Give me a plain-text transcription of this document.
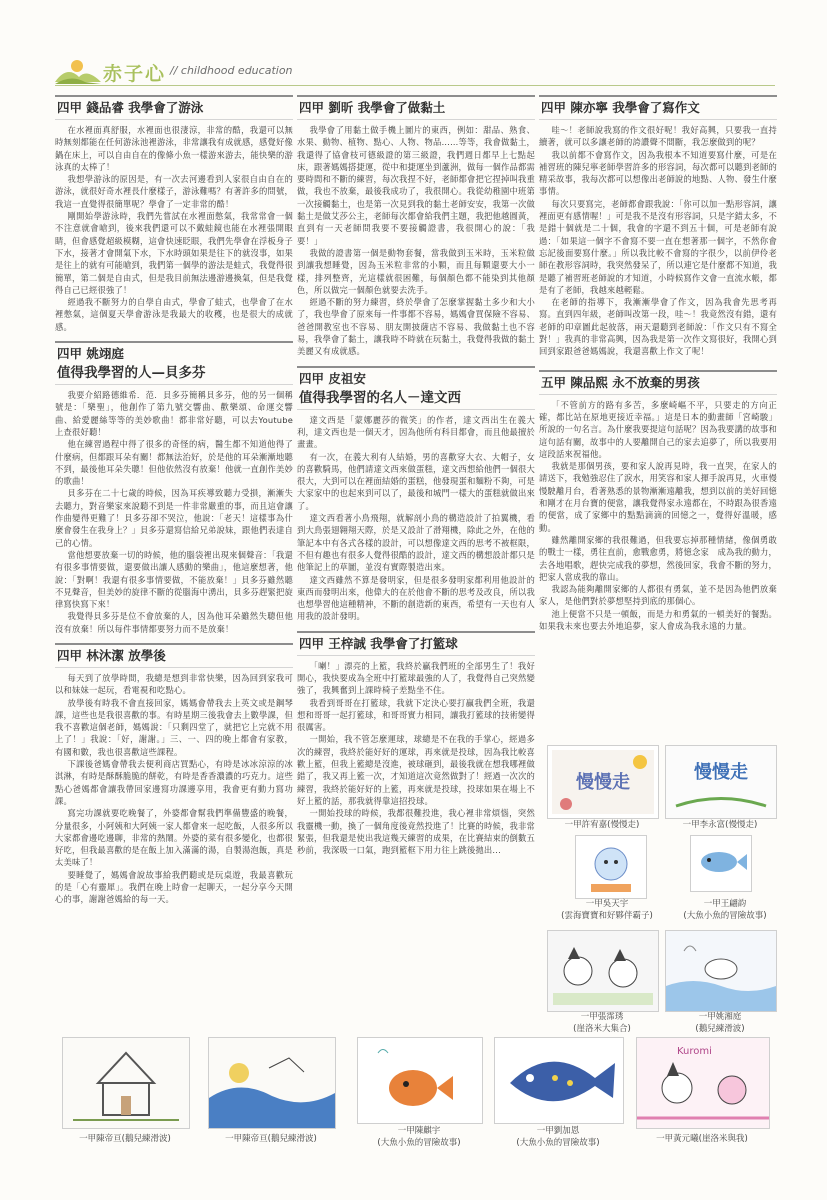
赤子心 // childhood education
四甲 錢品睿 我學會了游泳

在水裡面真舒服，水裡面也很淒涼，非常的酷，我還可以無時無刻都能在任何游泳池裡游泳，非常讓我有成就感，感覺好像鍋在床上，可以自由自在的像條小魚一樣游來游去，能快樂的游泳真的太棒了！

我想學游泳的原因是，有一次去河邊看到人家很自由自在的游泳，就很好奇水裡長什麼樣子，游泳難嗎？有著許多的問號，我這一直覺得很簡單呢？學會了一定非常的酷！

剛開始學游泳時，我們先嘗試在水裡面憋氣，我常常會一個不注意就會嗆到，後來我們還可以不戴蛙鏡也能在水裡張開眼睛，但會感覺超級模糊，這會快速眨眼，我們先學會在浮板身子下水，接著才會開氣下水，下水時頭如果是往下的就沒事，如果是往上的就有可能嗆到，我們第一個學的游法是蛙式，我覺得很簡單，第二個是自由式，但是我目前無法邊游邊換氣，但是我覺得自己已經很強了！

經過我不斷努力的自學自由式，學會了蛙式，也學會了在水裡憋氣，這個夏天學會游泳是我最大的收穫，也是很大的成就感。

四甲 姚翊庭
值得我學習的人—貝多芬

我要介紹路德維希．范．貝多芬簡稱貝多芬，他的另一個稱號是：「樂聖」，他創作了第九號交響曲、歡樂頌、命運交響曲、給愛麗絲等等的美妙歌曲！都非常好聽，可以去Youtube上查很好聽！

他在練習過程中得了很多的奇怪的病，醫生都不知道他得了什麼病，但都跟耳朵有關！都無法治好，於是他的耳朵漸漸地聽不到，最後他耳朵失聰！但他依然沒有放棄！他就一直創作美妙的歌曲！

貝多芬在二十七歲的時候，因為耳疾導致聽力受損，漸漸失去聽力，對音樂家來說聽不到是一件非常嚴重的事，而且這會讓作曲變得更難了！貝多芬卻不哭泣，他說：「老天！這樣事為什麼會發生在我身上？」貝多芬還寫信給兄弟說妹，跟他們表達自己的心情。

當他想要放棄一切的時候，他的腦袋裡出現來個聲音：「我還有很多事情要做，還要做出讓人感動的樂曲」，他這麼想著，他說：「對啊！我還有很多事情要做，不能放棄！」貝多芬雖然聽不見聲音，但美妙的旋律不斷的從腦海中湧出，貝多芬趕緊把旋律寫快寫下來！

我覺得貝多芬是位不會放棄的人，因為他耳朵雖然失聰但他沒有放棄！所以每件事情都要努力而不是放棄！

四甲 林沐潔 放學後

每天到了放學時間，我總是想到非常快樂，因為回到家我可以和妹妹一起玩，看電視和吃點心。

放學後有時我不會直接回家，媽媽會帶我去上英文或是鋼琴課，這些也是我很喜歡的事。有時星期三後我會去上數學課，但我不喜歡這個老師，媽媽說：「只剩四堂了，就把它上完就不用上了！」我說：「好，謝謝。」三、一、四的晚上都會有家教，有國和數，我也很喜歡這些課程。

下課後爸媽會帶我去便利商店買點心，有時是冰冰涼涼的冰淇淋，有時是酥酥脆脆的餅乾，有時是香香濃濃的巧克力。這些點心爸媽都會讓我帶回家邊寫功課邊享用，我會更有動力寫功課。

寫完功課就要吃晚餐了，外婆都會幫我們準備豐盛的晚餐，分量很多，小阿姨和大阿姨一家人都會來一起吃飯，人很多所以大家都會邊吃邊聊，非常的熱鬧。外婆的菜有很多變化，也都很好吃，但我最喜歡的是在飯上加入滿滿的湯，自製湯泡飯，真是太美味了！

要睡覺了，媽媽會說故事給我們聽或是玩桌遊，我最喜歡玩的是「心有靈犀」。我們在晚上時會一起聊天，一起分享今天開心的事，謝謝爸媽給的每一天。

四甲 劉昕 我學會了做黏土

我學會了用黏土做手機上圖片的東西，例如：甜品、熟食、水果、動物、植物、點心、人物、物品……等等，我會做黏土，我還得了協會枝可德級證的第三級證，我們週日都早上七點起床，跟著媽媽搭捷運，從中和捷運坐到蘆洲，做每一個作品都需要時間和不斷的練習，每次我捏不好，老師都會把它捏掉叫我重做，我也不放棄，最後我成功了，我很開心。我從幼稚園中班第一次接觸黏土，也是第一次見到我的黏土老師安安，我第一次做黏土是做艾莎公主，老師每次都會給我們主題，我把他越圓黃，直到有一天老師問我要不要接觸證書，我很開心的說：「我要！」

我做的證書第一個是動物套餐，當我做到玉米時，玉米粒做到讓我想睡覺，因為玉米粒非常的小顆，而且每顆還要大小一樣，排列整齊，光這樣就很困難，每個顏色都不能染到其他顏色，所以做完一個顏色就要去洗手。

經過不斷的努力練習，終於學會了怎麼掌握黏土多少和大小了，我也學會了原來每一件事都不容易，媽媽會買保險不容易、爸爸開教室也不容易、朋友開披薩店不容易、我做黏土也不容易，我學會了黏土，讓我時不時就在玩黏土，我覺得我做的黏土美麗又有成就感。

四甲 皮祖安
值得我學習的名人－達文西

達文西是「蒙娜麗莎的微笑」的作者，達文西出生在義大利，達文西也是一個天才，因為他所有科目都會，而且他最擅於畫畫。

有一次，在義大利有人結婚，男的喜歡穿大衣、大帽子，女的喜歡騎馬，他們請達文西來做蛋糕，達文西想給他們一個很大很大，大到可以在裡面結婚的蛋糕，他發現蛋和麵粉不夠，可是大家家中的也起來到可以了，最後和城門一樣大的蛋糕就做出來了。

達文西看著小鳥飛翔，就解剖小鳥的構造設計了拍翼機，看到大鳥張翅翱翔天際，於是又設計了滑翔機，除此之外，在他的筆記本中有各式各樣的設計，可以想像達文西的思考不被框限，不但有趣也有很多人覺得很酷的設計，達文西的構想設計都只是他筆記上的草圖，並沒有實際製造出來。

達文西雖然不算是發明家，但是很多發明家都利用他設計的東西而發明出來，他偉大的在於他會不斷的思考及改良，所以我也想學習他這種精神，不斷的創造新的東西，希望有一天也有人用我的設計發明。

四甲 王梓誠 我學會了打籃球

「喇！」漂亮的上籃，我終於贏我們班的全部男生了！我好開心，我快要成為全班中打籃球最強的人了，我覺得自己突然變強了，我興奮到上課時椅子差點坐不住。

我看到哥哥在打籃球，我就下定決心要打贏我們全班，我還想和哥哥一起打籃球，和哥哥實力相同，讓我打籃球的技術變得很厲害。

一開始，我不管怎麼運球，球總是不在我的手掌心，經過多次的練習，我終於能好好的運球，再來就是投球，因為我比較喜歡上籃，但我上籃總是沒進，被球砸到，最後我就在想我哪裡做錯了，我又再上籃一次，才知道這次竟然做對了！經過一次次的練習，我終於能好好的上籃，再來就是投球，投球如果在場上不好上籃的話，那我就得靠這招投球。

一開始投球的時候，我都很難投進，我心裡非常煩惱，突然我靈機一動，換了一個角度後竟然投進了！比賽的時候，我非常緊張，但我還是使出我這幾天練習的成果，在比賽結束的倒數五秒前，我深吸一口氣，跑到籃框下用力往上跳後拋出...

四甲 陳亦寧 我學會了寫作文

哇～！老師說我寫的作文很好呢！我好高興，只要我一直持續著，就可以多讓老師的誇讚聲不間斷，我怎麼做到的呢？

我以前都不會寫作文，因為我根本不知道要寫什麼，可是在補習班的陳兒寧老師學習許多的形容詞，每次都可以聽到老師的精采故事，我每次都可以想像出老師說的地點、人物、發生什麼事情。

每次只要寫完，老師都會跟我說：「你可以加一點形容詞，讓裡面更有感情喔！」可是我不是沒有形容詞，只是字錯太多，不是錯十個就是二十個，我會的字還不到五十個，可是老師有說過：「如果這一個字不會寫不要一直在想著那一個字，不然你會忘記後面要寫什麼。」所以我比較不會寫的字很少，以前伊伶老師在教形容詞時，我突然發呆了，所以連它是什麼都不知道，我是聽了補習班老師說的才知道，小時候寫作文會一直流水帳，都是有了老師，我越來越輕鬆。

在老師的指導下，我漸漸學會了作文，因為我會先思考再寫。直到四年級，老師叫改第一段，哇～！我竟然沒有錯，還有老師的印章圖此起彼落，兩天還聽到老師說：「作文只有不寫全對！」我真的非常高興，因為我是第一次作文寫很好，我開心到回到家跟爸爸媽媽說，我還喜歡上作文了呢！

五甲 陳品熙 永不放棄的男孩

「不管前方的路有多苦，多麼崎嶇不平，只要走的方向正確，都比站在原地更接近幸福。」這是日本的動畫師「宮崎駿」所說的一句名言。為什麼我要提這句話呢？因為我要講的故事和這句話有關，故事中的人要離開自己的家去追夢了，所以我要用這段話來祝福他。

我就是那個男孩，要和家人說再見時，我一直哭，在家人的請送下，我勉強忍住了淚水，用笑容和家人揮手說再見，火車慢慢駛離月台，看著熟悉的景物漸漸遠離我，想到以前的美好回憶和剛才在月台寶的便當，讓我覺得家永遠都在，不時跟為很香遠的便當，成了家鄉中的點點滴滴的回憶之一，覺得好溫暖，感動。

雖然離開家鄉的我很難過，但我要忘掉那種情緒，像個勇敢的戰士一樣，勇往直前，愈戰愈勇，將憶念家　成為我的動力，去各地唱歌，趕快完成我的夢想，然後回家，我會不斷的努力，把家人當成我的靠山。

我認為能夠離開家鄉的人都很有勇氣，並不是因為他們放棄家人，是他們對於夢想堅持到底的那個心。

池上便當不只是一頓飯，而是力和勇氣的一頓美好的餐點。如果我未來也要去外地追夢，家人會成為我永遠的力量。

慢慢走
一甲許宥嘉(慢慢走)
慢慢走
一甲李永富(慢慢走)
一甲吳天宇
(雲海寶寶和好夥伴霸子)
一甲王翩韵
(大魚小魚的冒險故事)
一甲張霈琇
(崖洛米大集合)
一甲姚湘庭
(鵝兒練滑波)
一甲陳帝亘(鵝兒練滑波)	一甲陳帝亘(鵝兒練滑波)
一甲陳麒宇
(大魚小魚的冒險故事)
一甲劉加恩
(大魚小魚的冒險故事)
Kuromi
一甲黃元曦(崖洛米與我)
